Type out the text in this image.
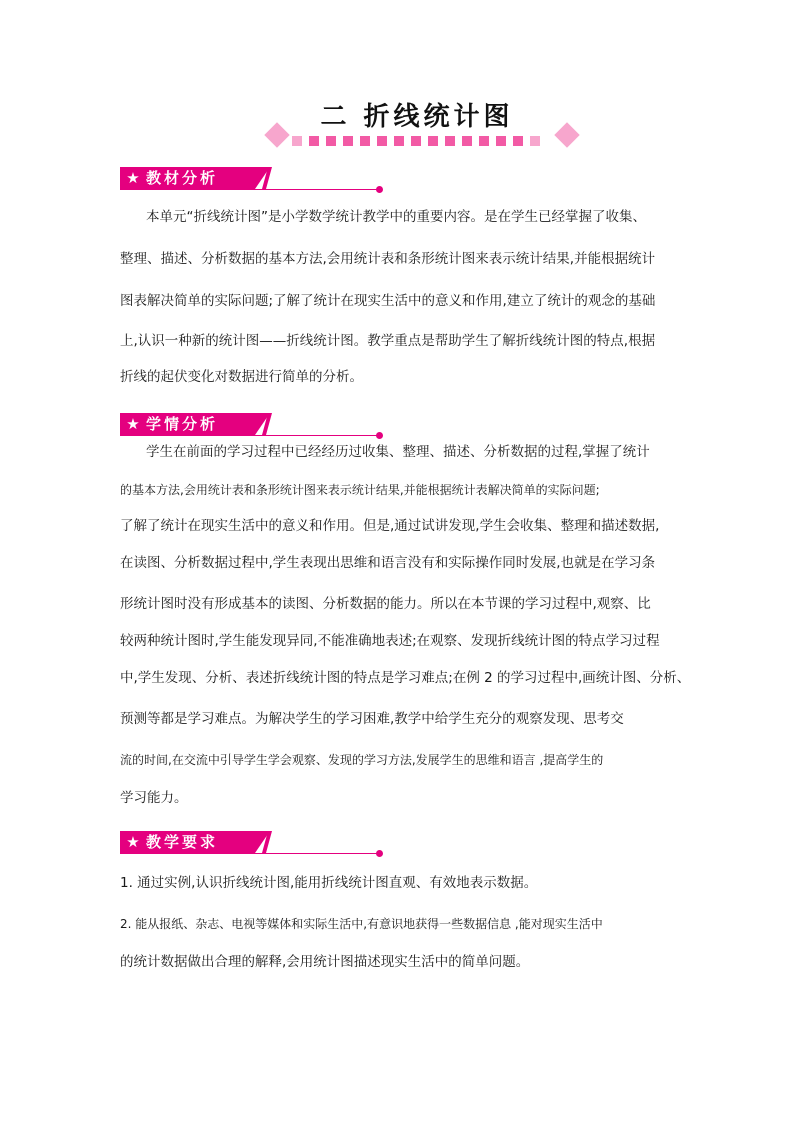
二 折线统计图
★ 教材分析
本单元“折线统计图”是小学数学统计教学中的重要内容。是在学生已经掌握了收集、
整理、描述、分析数据的基本方法,会用统计表和条形统计图来表示统计结果,并能根据统计
图表解决简单的实际问题;了解了统计在现实生活中的意义和作用,建立了统计的观念的基础
上,认识一种新的统计图——折线统计图。教学重点是帮助学生了解折线统计图的特点,根据
折线的起伏变化对数据进行简单的分析。
★ 学情分析
学生在前面的学习过程中已经经历过收集、整理、描述、分析数据的过程,掌握了统计
的基本方法,会用统计表和条形统计图来表示统计结果,并能根据统计表解决简单的实际问题;
了解了统计在现实生活中的意义和作用。但是,通过试讲发现,学生会收集、整理和描述数据,
在读图、分析数据过程中,学生表现出思维和语言没有和实际操作同时发展,也就是在学习条
形统计图时没有形成基本的读图、分析数据的能力。所以在本节课的学习过程中,观察、比
较两种统计图时,学生能发现异同,不能准确地表述;在观察、发现折线统计图的特点学习过程
中,学生发现、分析、表述折线统计图的特点是学习难点;在例 2 的学习过程中,画统计图、分析、
预测等都是学习难点。为解决学生的学习困难,教学中给学生充分的观察发现、思考交
流的时间,在交流中引导学生学会观察、发现的学习方法,发展学生的思维和语言 ,提高学生的
学习能力。
★ 教学要求
1. 通过实例,认识折线统计图,能用折线统计图直观、有效地表示数据。
2. 能从报纸、杂志、电视等媒体和实际生活中,有意识地获得一些数据信息 ,能对现实生活中
的统计数据做出合理的解释,会用统计图描述现实生活中的简单问题。
